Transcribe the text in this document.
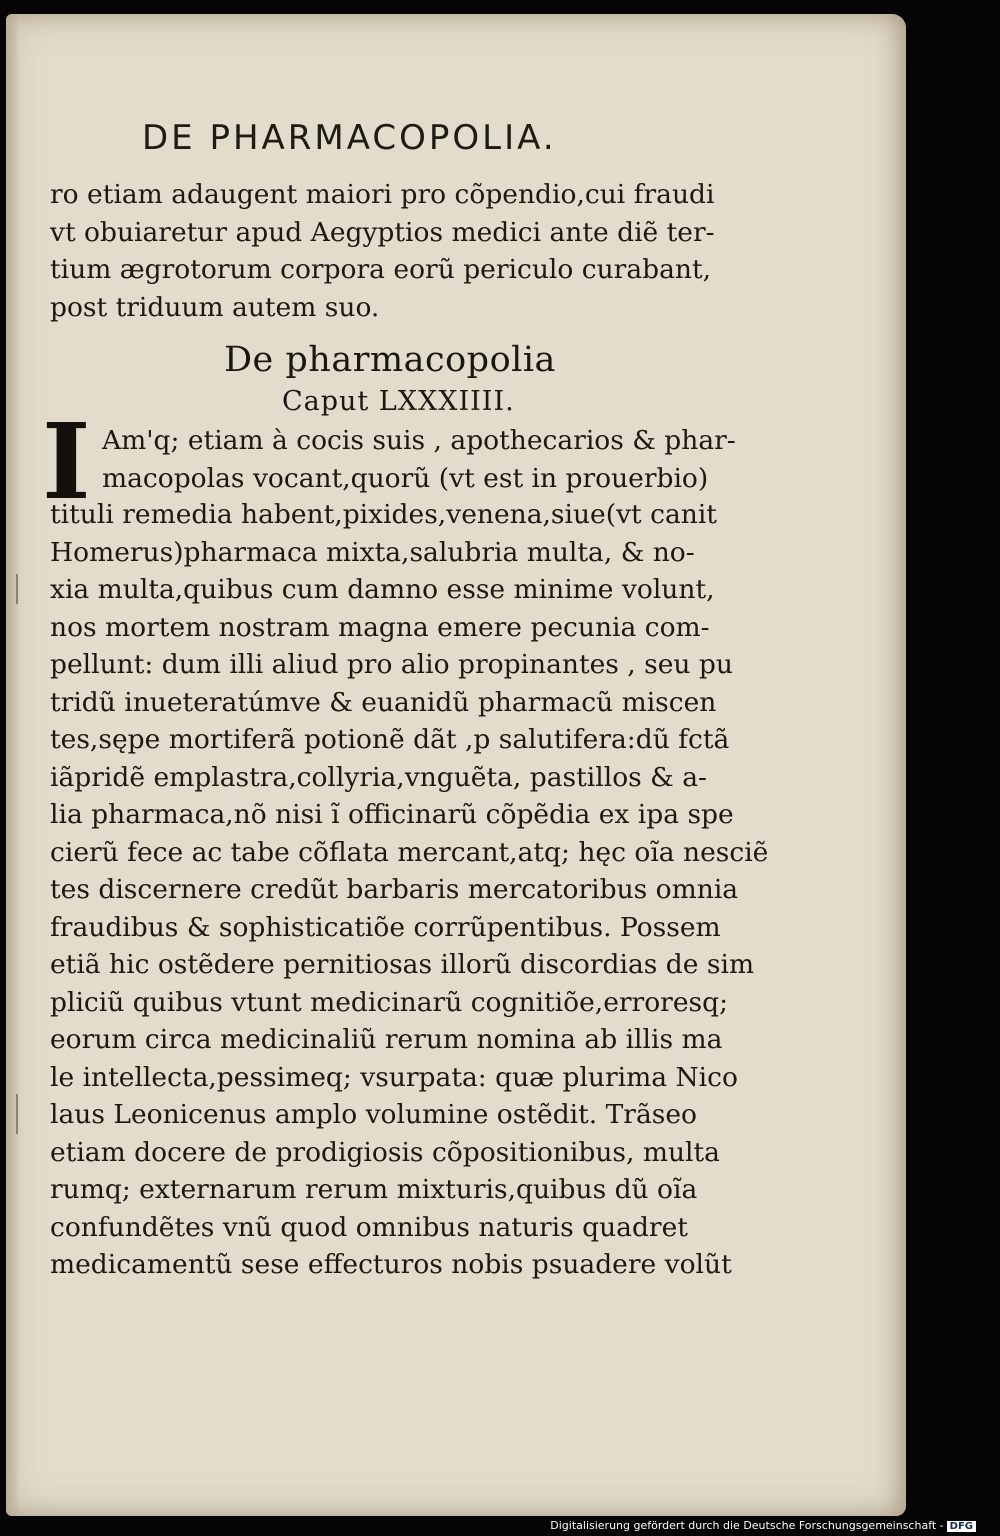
DE PHARMACOPOLIA.
ro etiam adaugent maiori pro cõpendio,cui fraudi
vt obuiaretur apud Aegyptios medici ante diẽ ter-
tium ægrotorum corpora eorũ periculo curabant,
post triduum autem suo.
De pharmacopolia
Caput LXXXIIII.
I Am'q; etiam à cocis suis , apothecarios & phar-
macopolas vocant,quorũ (vt est in prouerbio)
tituli remedia habent,pixides,venena,siue(vt canit
Homerus)pharmaca mixta,salubria multa, & no-
xia multa,quibus cum damno esse minime volunt,
nos mortem nostram magna emere pecunia com-
pellunt: dum illi aliud pro alio propinantes , seu pu
tridũ inueteratúmve & euanidũ pharmacũ miscen
tes,sępe mortiferã potionẽ dãt ,p salutifera:dũ fctã
iãpridẽ emplastra,collyria,vnguẽta, pastillos & a-
lia pharmaca,nõ nisi ĩ officinarũ cõpẽdia ex ipa spe
cierũ fece ac tabe cõflata mercant,atq; hęc oĩa nesciẽ
tes discernere credũt barbaris mercatoribus omnia
fraudibus & sophisticatiõe corrũpentibus. Possem
etiã hic ostẽdere pernitiosas illorũ discordias de sim
pliciũ quibus vtunt medicinarũ cognitiõe,erroresq;
eorum circa medicinaliũ rerum nomina ab illis ma
le intellecta,pessimeq; vsurpata: quæ plurima Nico
laus Leonicenus amplo volumine ostẽdit. Trãseo
etiam docere de prodigiosis cõpositionibus, multa
rumq; externarum rerum mixturis,quibus dũ oĩa
confundẽtes vnũ quod omnibus naturis quadret
medicamentũ sese effecturos nobis psuadere volũt
Digitalisierung gefördert durch die Deutsche Forschungsgemeinschaft - DFG
